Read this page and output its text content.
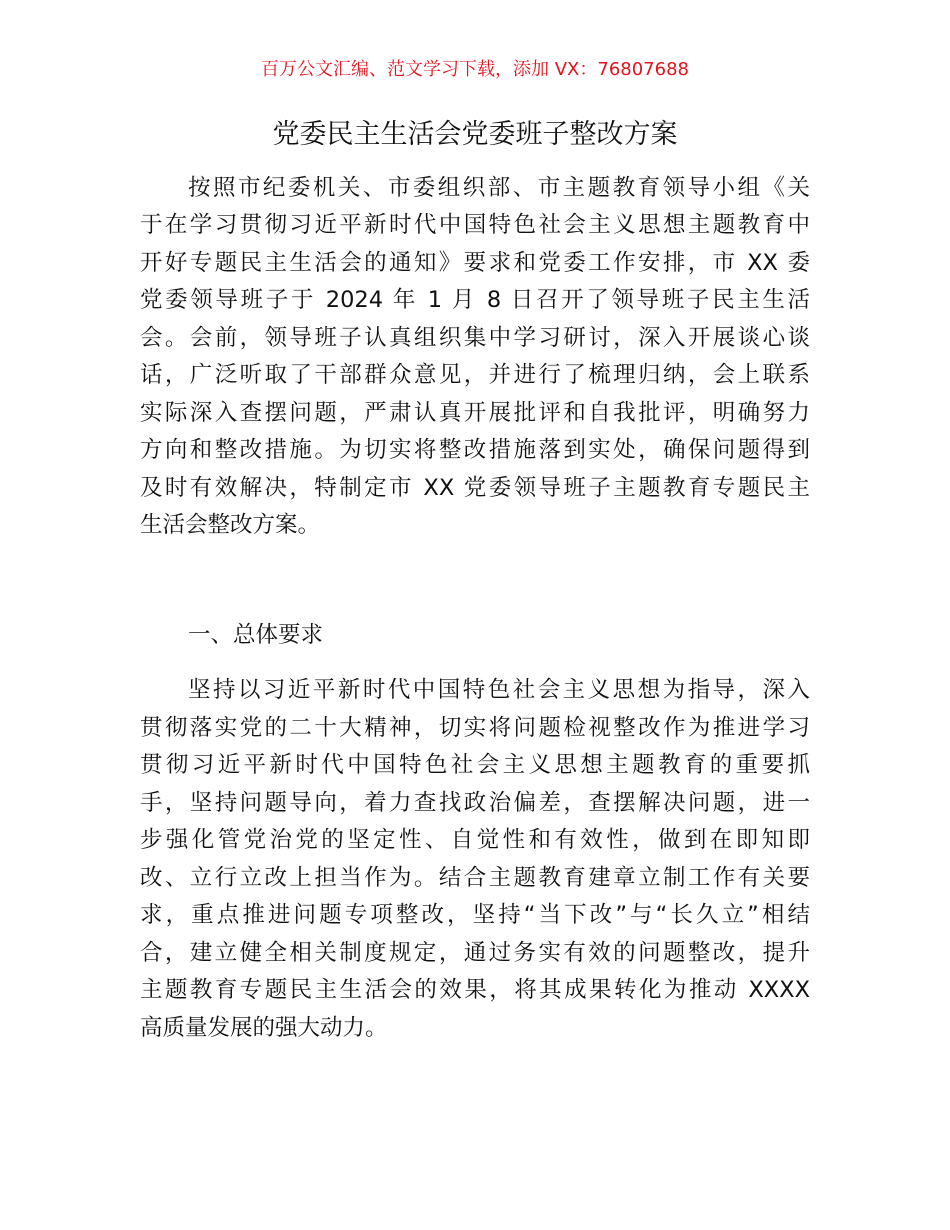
百万公文汇编、范文学习下载，添加 VX：76807688
党委民主生活会党委班子整改方案
按照市纪委机关、市委组织部、市主题教育领导小组《关
于在学习贯彻习近平新时代中国特色社会主义思想主题教育中
开好专题民主生活会的通知》要求和党委工作安排，市 XX 委
党委领导班子于 2024 年 1 月 8 日召开了领导班子民主生活
会。会前，领导班子认真组织集中学习研讨，深入开展谈心谈
话，广泛听取了干部群众意见，并进行了梳理归纳，会上联系
实际深入查摆问题，严肃认真开展批评和自我批评，明确努力
方向和整改措施。为切实将整改措施落到实处，确保问题得到
及时有效解决，特制定市 XX 党委领导班子主题教育专题民主
生活会整改方案。
一、总体要求
坚持以习近平新时代中国特色社会主义思想为指导，深入
贯彻落实党的二十大精神，切实将问题检视整改作为推进学习
贯彻习近平新时代中国特色社会主义思想主题教育的重要抓
手，坚持问题导向，着力查找政治偏差，查摆解决问题，进一
步强化管党治党的坚定性、自觉性和有效性，做到在即知即
改、立行立改上担当作为。结合主题教育建章立制工作有关要
求，重点推进问题专项整改，坚持“当下改”与“长久立”相结
合，建立健全相关制度规定，通过务实有效的问题整改，提升
主题教育专题民主生活会的效果，将其成果转化为推动 XXXX
高质量发展的强大动力。
